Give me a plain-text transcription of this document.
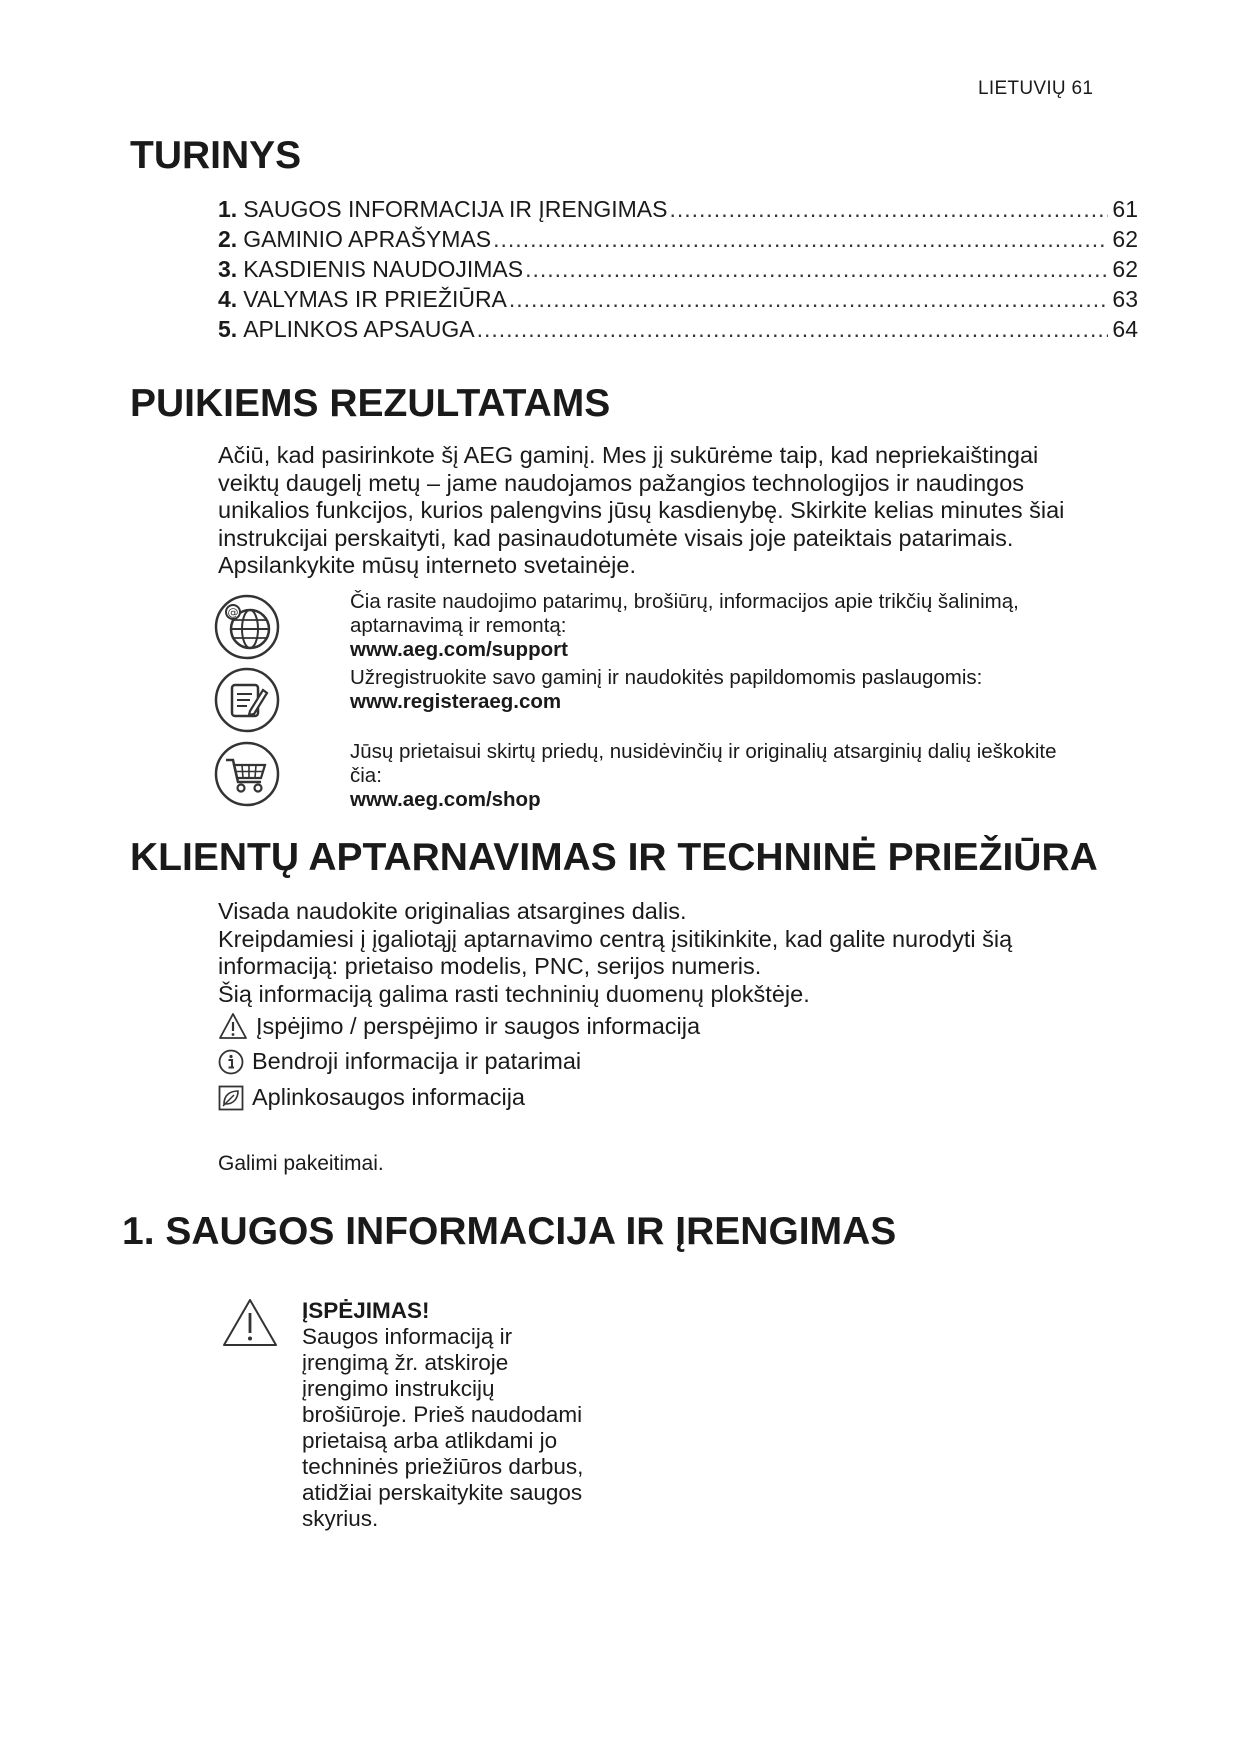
LIETUVIŲ 61
TURINYS
1. SAUGOS INFORMACIJA IR ĮRENGIMAS .....	61
2. GAMINIO APRAŠYMAS .....	62
3. KASDIENIS NAUDOJIMAS .....	62
4. VALYMAS IR PRIEŽIŪRA .....	63
5. APLINKOS APSAUGA .....	64
PUIKIEMS REZULTATAMS
Ačiū, kad pasirinkote šį AEG gaminį. Mes jį sukūrėme taip, kad nepriekaištingai
veiktų daugelį metų – jame naudojamos pažangios technologijos ir naudingos
unikalios funkcijos, kurios palengvins jūsų kasdienybę. Skirkite kelias minutes šiai
instrukcijai perskaityti, kad pasinaudotumėte visais joje pateiktais patarimais.
Apsilankykite mūsų interneto svetainėje.
@	Čia rasite naudojimo patarimų, brošiūrų, informacijos apie trikčių šalinimą,
aptarnavimą ir remontą:
www.aeg.com/support
Užregistruokite savo gaminį ir naudokitės papildomomis paslaugomis:
www.registeraeg.com
Jūsų prietaisui skirtų priedų, nusidėvinčių ir originalių atsarginių dalių ieškokite
čia:
www.aeg.com/shop
KLIENTŲ APTARNAVIMAS IR TECHNINĖ PRIEŽIŪRA
Visada naudokite originalias atsargines dalis.
Kreipdamiesi į įgaliotąjį aptarnavimo centrą įsitikinkite, kad galite nurodyti šią
informaciją: prietaiso modelis, PNC, serijos numeris.
Šią informaciją galima rasti techninių duomenų plokštėje.
Įspėjimo / perspėjimo ir saugos informacija
Bendroji informacija ir patarimai
Aplinkosaugos informacija
Galimi pakeitimai.
1. SAUGOS INFORMACIJA IR ĮRENGIMAS
ĮSPĖJIMAS!
Saugos informaciją ir
įrengimą žr. atskiroje
įrengimo instrukcijų
brošiūroje. Prieš naudodami
prietaisą arba atlikdami jo
techninės priežiūros darbus,
atidžiai perskaitykite saugos
skyrius.
